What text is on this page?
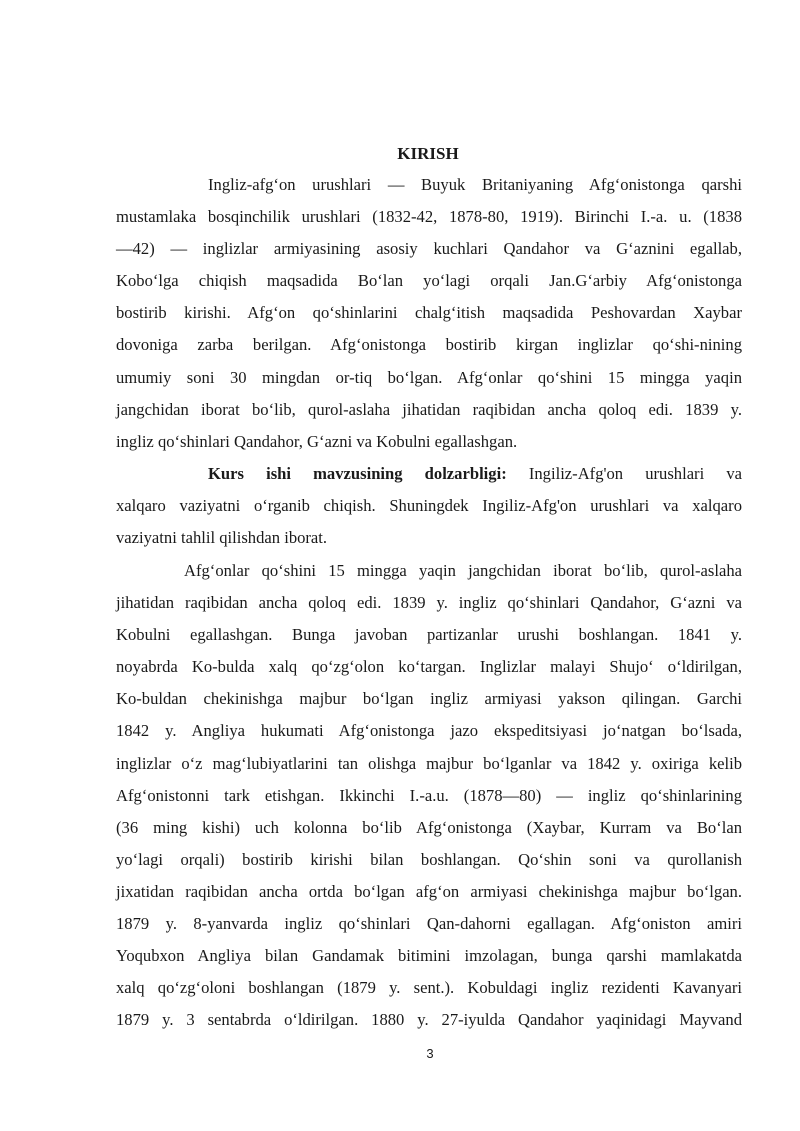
KIRISH
Ingliz-afg‘on urushlari — Buyuk Britaniyaning Afg‘onistonga qarshi
mustamlaka bosqinchilik urushlari (1832-42, 1878-80, 1919). Birinchi I.-a. u. (1838
—42) — inglizlar armiyasining asosiy kuchlari Qandahor va G‘aznini egallab,
Kobo‘lga chiqish maqsadida Bo‘lan yo‘lagi orqali Jan.G‘arbiy Afg‘onistonga
bostirib kirishi. Afg‘on qo‘shinlarini chalg‘itish maqsadida Peshovardan Xaybar
dovoniga zarba berilgan. Afg‘onistonga bostirib kirgan inglizlar qo‘shi-nining
umumiy soni 30 mingdan or-tiq bo‘lgan. Afg‘onlar qo‘shini 15 mingga yaqin
jangchidan iborat bo‘lib, qurol-aslaha jihatidan raqibidan ancha qoloq edi. 1839 y.
ingliz qo‘shinlari Qandahor, G‘azni va Kobulni egallashgan.
Kurs ishi mavzusining dolzarbligi: Ingiliz-Afg'on urushlari va
xalqaro vaziyatni o‘rganib chiqish. Shuningdek Ingiliz-Afg'on urushlari va xalqaro
vaziyatni tahlil qilishdan iborat.
Afg‘onlar qo‘shini 15 mingga yaqin jangchidan iborat bo‘lib, qurol-aslaha
jihatidan raqibidan ancha qoloq edi. 1839 y. ingliz qo‘shinlari Qandahor, G‘azni va
Kobulni egallashgan. Bunga javoban partizanlar urushi boshlangan. 1841 y.
noyabrda Ko-bulda xalq qo‘zg‘olon ko‘targan. Inglizlar malayi Shujo‘ o‘ldirilgan,
Ko-buldan chekinishga majbur bo‘lgan ingliz armiyasi yakson qilingan. Garchi
1842 y. Angliya hukumati Afg‘onistonga jazo ekspeditsiyasi jo‘natgan bo‘lsada,
inglizlar o‘z mag‘lubiyatlarini tan olishga majbur bo‘lganlar va 1842 y. oxiriga kelib
Afg‘onistonni tark etishgan. Ikkinchi I.-a.u. (1878—80) — ingliz qo‘shinlarining
(36 ming kishi) uch kolonna bo‘lib Afg‘onistonga (Xaybar, Kurram va Bo‘lan
yo‘lagi orqali) bostirib kirishi bilan boshlangan. Qo‘shin soni va qurollanish
jixatidan raqibidan ancha ortda bo‘lgan afg‘on armiyasi chekinishga majbur bo‘lgan.
1879 y. 8-yanvarda ingliz qo‘shinlari Qan-dahorni egallagan. Afg‘oniston amiri
Yoqubxon Angliya bilan Gandamak bitimini imzolagan, bunga qarshi mamlakatda
xalq qo‘zg‘oloni boshlangan (1879 y. sent.). Kobuldagi ingliz rezidenti Kavanyari
1879 y. 3 sentabrda o‘ldirilgan. 1880 y. 27-iyulda Qandahor yaqinidagi Mayvand
3
